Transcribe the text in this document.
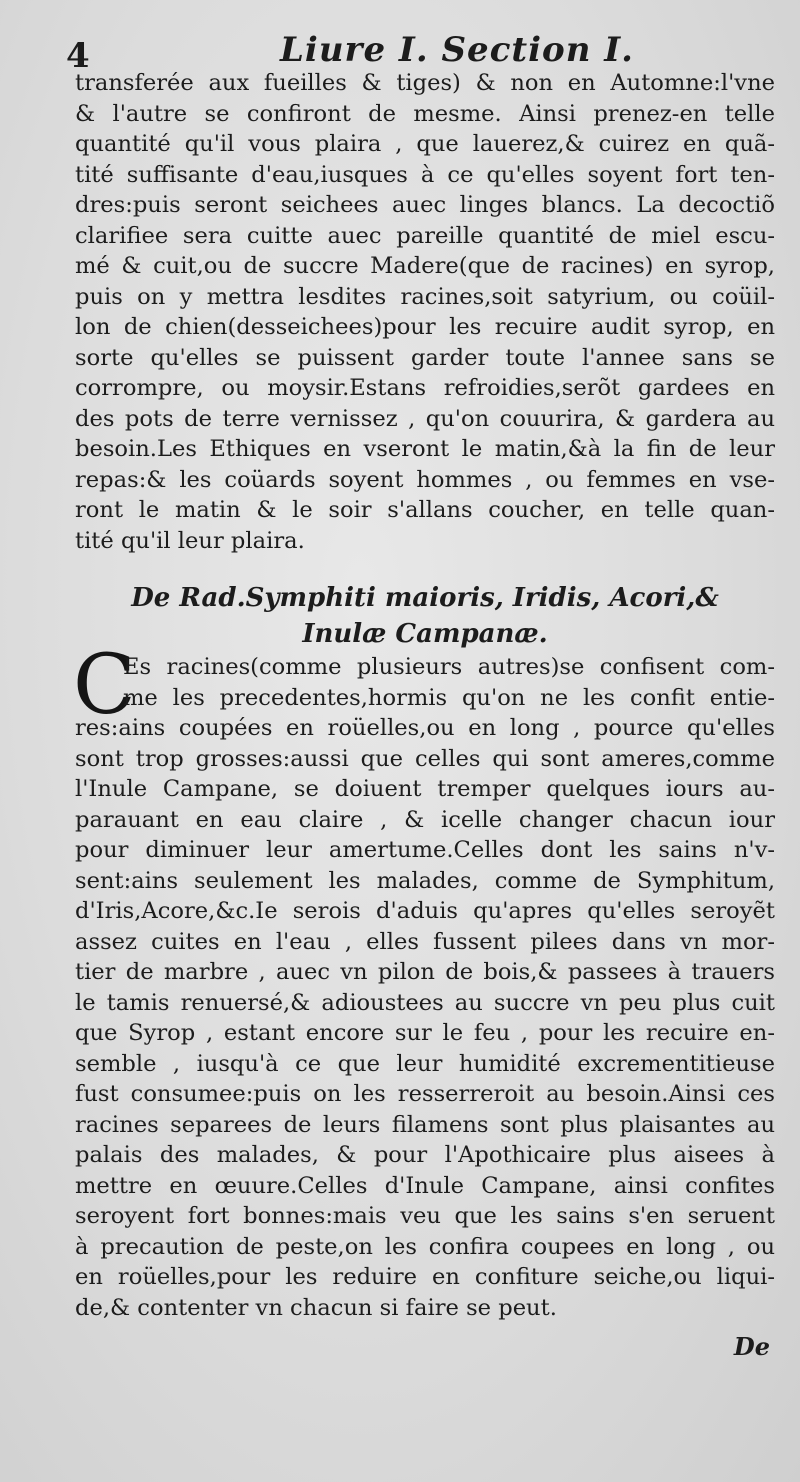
4	Liure I. Section I.
transferée aux fueilles & tiges) & non en Automne:l'vne
& l'autre se confiront de mesme. Ainsi prenez-en telle
quantité qu'il vous plaira , que lauerez,& cuirez en quã-
tité suffisante d'eau,iusques à ce qu'elles soyent fort ten-
dres:puis seront seichees auec linges blancs. La decoctiõ
clarifiee sera cuitte auec pareille quantité de miel escu-
mé & cuit,ou de succre Madere(que de racines) en syrop,
puis on y mettra lesdites racines,soit satyrium, ou coüil-
lon de chien(desseichees)pour les recuire audit syrop, en
sorte qu'elles se puissent garder toute l'annee sans se
corrompre, ou moysir.Estans refroidies,serõt gardees en
des pots de terre vernissez , qu'on couurira, & gardera au
besoin.Les Ethiques en vseront le matin,&à la fin de leur
repas:& les coüards soyent hommes , ou femmes en vse-
ront le matin & le soir s'allans coucher, en telle quan-
tité qu'il leur plaira.
De Rad.Symphiti maioris, Iridis, Acori,&
Inulæ Campanæ.
C
Es racines(comme plusieurs autres)se confisent com-
me les precedentes,hormis qu'on ne les confit entie-
res:ains coupées en roüelles,ou en long , pource qu'elles
sont trop grosses:aussi que celles qui sont ameres,comme
l'Inule Campane, se doiuent tremper quelques iours au-
parauant en eau claire , & icelle changer chacun iour
pour diminuer leur amertume.Celles dont les sains n'v-
sent:ains seulement les malades, comme de Symphitum,
d'Iris,Acore,&c.Ie serois d'aduis qu'apres qu'elles seroyẽt
assez cuites en l'eau , elles fussent pilees dans vn mor-
tier de marbre , auec vn pilon de bois,& passees à trauers
le tamis renuersé,& adioustees au succre vn peu plus cuit
que Syrop , estant encore sur le feu , pour les recuire en-
semble , iusqu'à ce que leur humidité excrementitieuse
fust consumee:puis on les resserreroit au besoin.Ainsi ces
racines separees de leurs filamens sont plus plaisantes au
palais des malades, & pour l'Apothicaire plus aisees à
mettre en œuure.Celles d'Inule Campane, ainsi confites
seroyent fort bonnes:mais veu que les sains s'en seruent
à precaution de peste,on les confira coupees en long , ou
en roüelles,pour les reduire en confiture seiche,ou liqui-
de,& contenter vn chacun si faire se peut.
De
